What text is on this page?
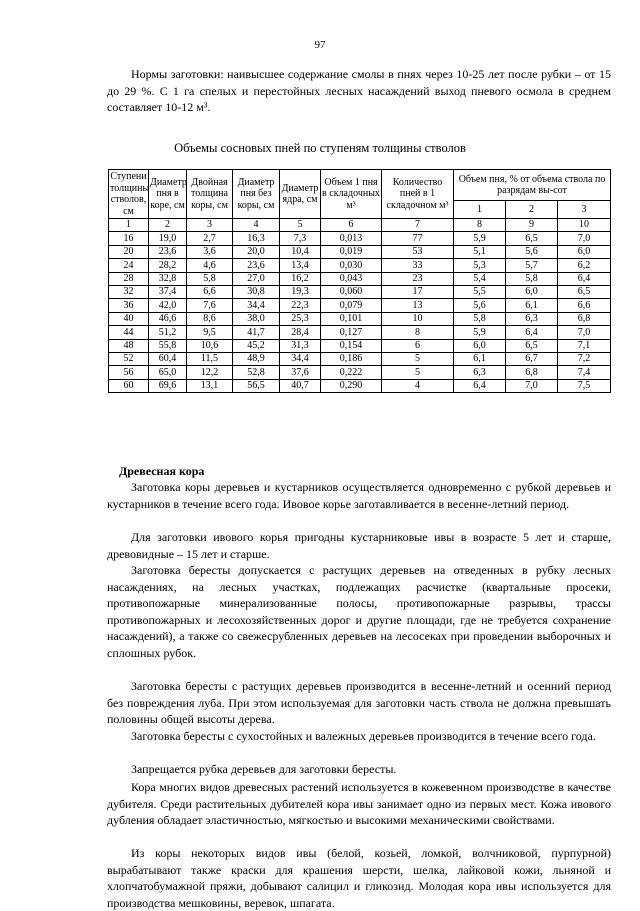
97

Нормы заготовки: наивысшее содержание смолы в пнях через 10-25 лет после рубки – от 15 до 29 %. С 1 га спелых и перестойных лесных насаждений выход пневого осмола в среднем составляет 10-12 м³.

Объемы сосновых пней по ступеням толщины стволов
Ступени толщины стволов, см	Диаметр пня в коре, см	Двойная толщина коры, см	Диаметр пня без коры, см	Диаметр ядра, см	Объем 1 пня в складочных м³	Количество пней в 1 складочном м³	Объем пня, % от объема ствола по разрядам вы-сот		
							1	2	3
1	2	3	4	5	6	7	8	9	10
16	19,0	2,7	16,3	7,3	0,013	77	5,9	6,5	7,0
20	23,6	3,6	20,0	10,4	0,019	53	5,1	5,6	6,0
24	28,2	4,6	23,6	13,4	0,030	33	5,3	5,7	6,2
28	32,8	5,8	27,0	16,2	0,043	23	5,4	5,8	6,4
32	37,4	6,6	30,8	19,3	0,060	17	5,5	6,0	6,5
36	42,0	7,6	34,4	22,3	0,079	13	5,6	6,1	6,6
40	46,6	8,6	38,0	25,3	0,101	10	5,8	6,3	6,8
44	51,2	9,5	41,7	28,4	0,127	8	5,9	6,4	7,0
48	55,8	10,6	45,2	31,3	0,154	6	6,0	6,5	7,1
52	60,4	11,5	48,9	34,4	0,186	5	6,1	6,7	7,2
56	65,0	12,2	52,8	37,6	0,222	5	6,3	6,8	7,4
60	69,6	13,1	56,5	40,7	0,290	4	6,4	7,0	7,5
Древесная кора

Заготовка коры деревьев и кустарников осуществляется одновременно с рубкой деревьев и кустарников в течение всего года. Ивовое корье заготавливается в весенне-летний период.

Для заготовки ивового корья пригодны кустарниковые ивы в возрасте 5 лет и старше, древовидные – 15 лет и старше.

Заготовка бересты допускается с растущих деревьев на отведенных в рубку лесных насаждениях, на лесных участках, подлежащих расчистке (квартальные просеки, противопожарные минерализованные полосы, противопожарные разрывы, трассы противопожарных и лесохозяйственных дорог и другие площади, где не требуется сохранение насаждений), а также со свежесрубленных деревьев на лесосеках при проведении выборочных и сплошных рубок.

Заготовка бересты с растущих деревьев производится в весенне-летний и осенний период без повреждения луба. При этом используемая для заготовки часть ствола не должна превышать половины общей высоты дерева.

Заготовка бересты с сухостойных и валежных деревьев производится в течение всего года.

Запрещается рубка деревьев для заготовки бересты.

Кора многих видов древесных растений используется в кожевенном производстве в качестве дубителя. Среди растительных дубителей кора ивы занимает одно из первых мест. Кожа ивового дубления обладает эластичностью, мягкостью и высокими механическими свойствами.

Из коры некоторых видов ивы (белой, козьей, ломкой, волчниковой, пурпурной) вырабатывают также краски для крашения шерсти, шелка, лайковой кожи, льняной и хлопчатобумажной пряжи, добывают салицил и гликозид. Молодая кора ивы используется для производства мешковины, веревок, шпагата.
